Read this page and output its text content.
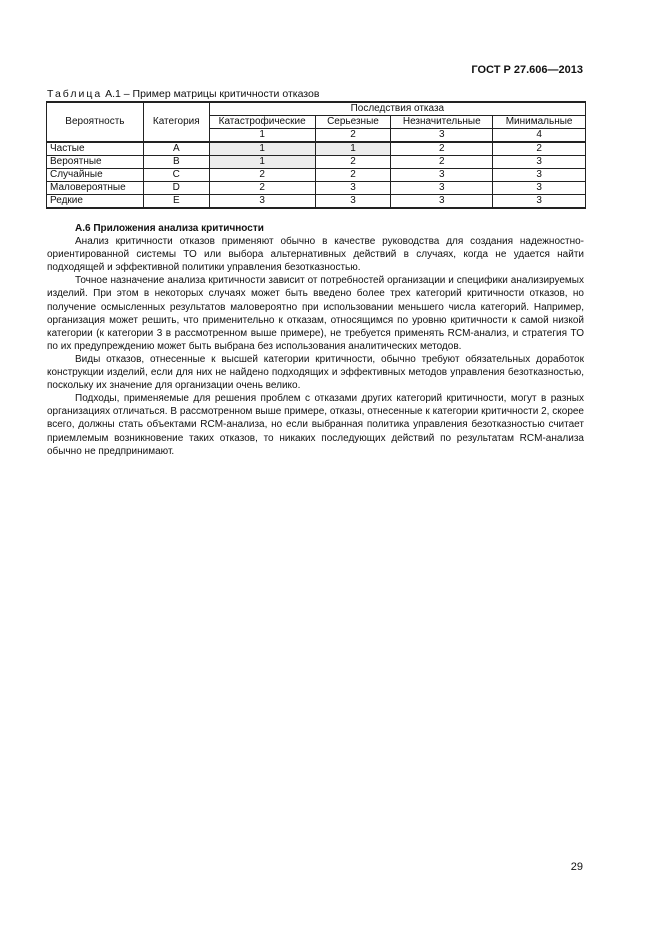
ГОСТ Р 27.606—2013
Таблица А.1 – Пример матрицы критичности отказов
Вероятность	Категория	Последствия отказа			
		Катастрофические	Серьезные	Незначительные	Минимальные
		1	2	3	4
Частые	A	1	1	2	2
Вероятные	B	1	2	2	3
Случайные	C	2	2	3	3
Маловероятные	D	2	3	3	3
Редкие	E	3	3	3	3
А.6 Приложения анализа критичности

Анализ критичности отказов применяют обычно в качестве руководства для создания надежностно-ориентированной системы ТО или выбора альтернативных действий в случаях, когда не удается найти подходящей и эффективной политики управления безотказностью.

Точное назначение анализа критичности зависит от потребностей организации и специфики анализируемых изделий. При этом в некоторых случаях может быть введено более трех категорий критичности отказов, но получение осмысленных результатов маловероятно при использовании меньшего числа категорий. Например, организация может решить, что применительно к отказам, относящимся по уровню критичности к самой низкой категории (к категории 3 в рассмотренном выше примере), не требуется применять RCM-анализ, и стратегия ТО по их предупреждению может быть выбрана без использования аналитических методов.

Виды отказов, отнесенные к высшей категории критичности, обычно требуют обязательных доработок конструкции изделий, если для них не найдено подходящих и эффективных методов управления безотказностью, поскольку их значение для организации очень велико.

Подходы, применяемые для решения проблем с отказами других категорий критичности, могут в разных организациях отличаться. В рассмотренном выше примере, отказы, отнесенные к категории критичности 2, скорее всего, должны стать объектами RCM-анализа, но если выбранная политика управления безотказностью считает приемлемым возникновение таких отказов, то никаких последующих действий по результатам RCM-анализа обычно не предпринимают.

29
